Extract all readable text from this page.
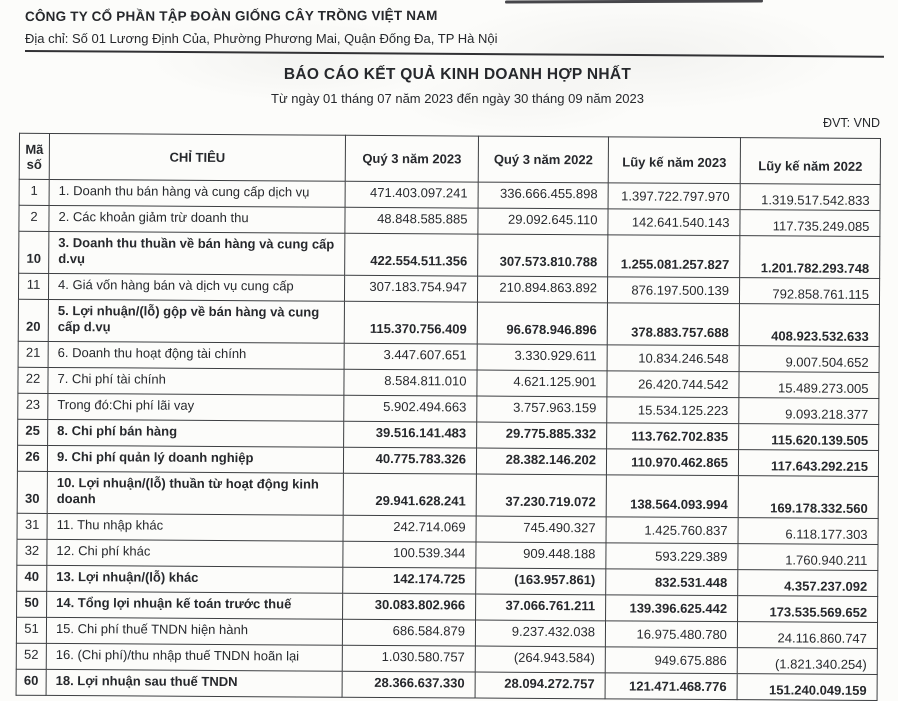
CÔNG TY CỔ PHẦN TẬP ĐOÀN GIỐNG CÂY TRỒNG VIỆT NAM
Địa chỉ: Số 01 Lương Định Của, Phường Phương Mai, Quận Đống Đa, TP Hà Nội
BÁO CÁO KẾT QUẢ KINH DOANH HỢP NHẤT
Từ ngày 01 tháng 07 năm 2023 đến ngày 30 tháng 09 năm 2023
ĐVT: VND
Mã số	CHỈ TIÊU	Quý 3 năm 2023	Quý 3 năm 2022	Lũy kế năm 2023	Lũy kế năm 2022
1	1. Doanh thu bán hàng và cung cấp dịch vụ	471.403.097.241	336.666.455.898	1.397.722.797.970	1.319.517.542.833
2	2. Các khoản giảm trừ doanh thu	48.848.585.885	29.092.645.110	142.641.540.143	117.735.249.085
10	3. Doanh thu thuần về bán hàng và cung cấp d.vụ	422.554.511.356	307.573.810.788	1.255.081.257.827	1.201.782.293.748
11	4. Giá vốn hàng bán và dịch vụ cung cấp	307.183.754.947	210.894.863.892	876.197.500.139	792.858.761.115
20	5. Lợi nhuận/(lỗ) gộp về bán hàng và cung cấp d.vụ	115.370.756.409	96.678.946.896	378.883.757.688	408.923.532.633
21	6. Doanh thu hoạt động tài chính	3.447.607.651	3.330.929.611	10.834.246.548	9.007.504.652
22	7. Chi phí tài chính	8.584.811.010	4.621.125.901	26.420.744.542	15.489.273.005
23	Trong đó:Chi phí lãi vay	5.902.494.663	3.757.963.159	15.534.125.223	9.093.218.377
25	8. Chi phí bán hàng	39.516.141.483	29.775.885.332	113.762.702.835	115.620.139.505
26	9. Chi phí quản lý doanh nghiệp	40.775.783.326	28.382.146.202	110.970.462.865	117.643.292.215
30	10. Lợi nhuận/(lỗ) thuần từ hoạt động kinh doanh	29.941.628.241	37.230.719.072	138.564.093.994	169.178.332.560
31	11. Thu nhập khác	242.714.069	745.490.327	1.425.760.837	6.118.177.303
32	12. Chi phí khác	100.539.344	909.448.188	593.229.389	1.760.940.211
40	13. Lợi nhuận/(lỗ) khác	142.174.725	(163.957.861)	832.531.448	4.357.237.092
50	14. Tổng lợi nhuận kế toán trước thuế	30.083.802.966	37.066.761.211	139.396.625.442	173.535.569.652
51	15. Chi phí thuế TNDN hiện hành	686.584.879	9.237.432.038	16.975.480.780	24.116.860.747
52	16. (Chi phí)/thu nhập thuế TNDN hoãn lại	1.030.580.757	(264.943.584)	949.675.886	(1.821.340.254)
60	18. Lợi nhuận sau thuế TNDN	28.366.637.330	28.094.272.757	121.471.468.776	151.240.049.159
